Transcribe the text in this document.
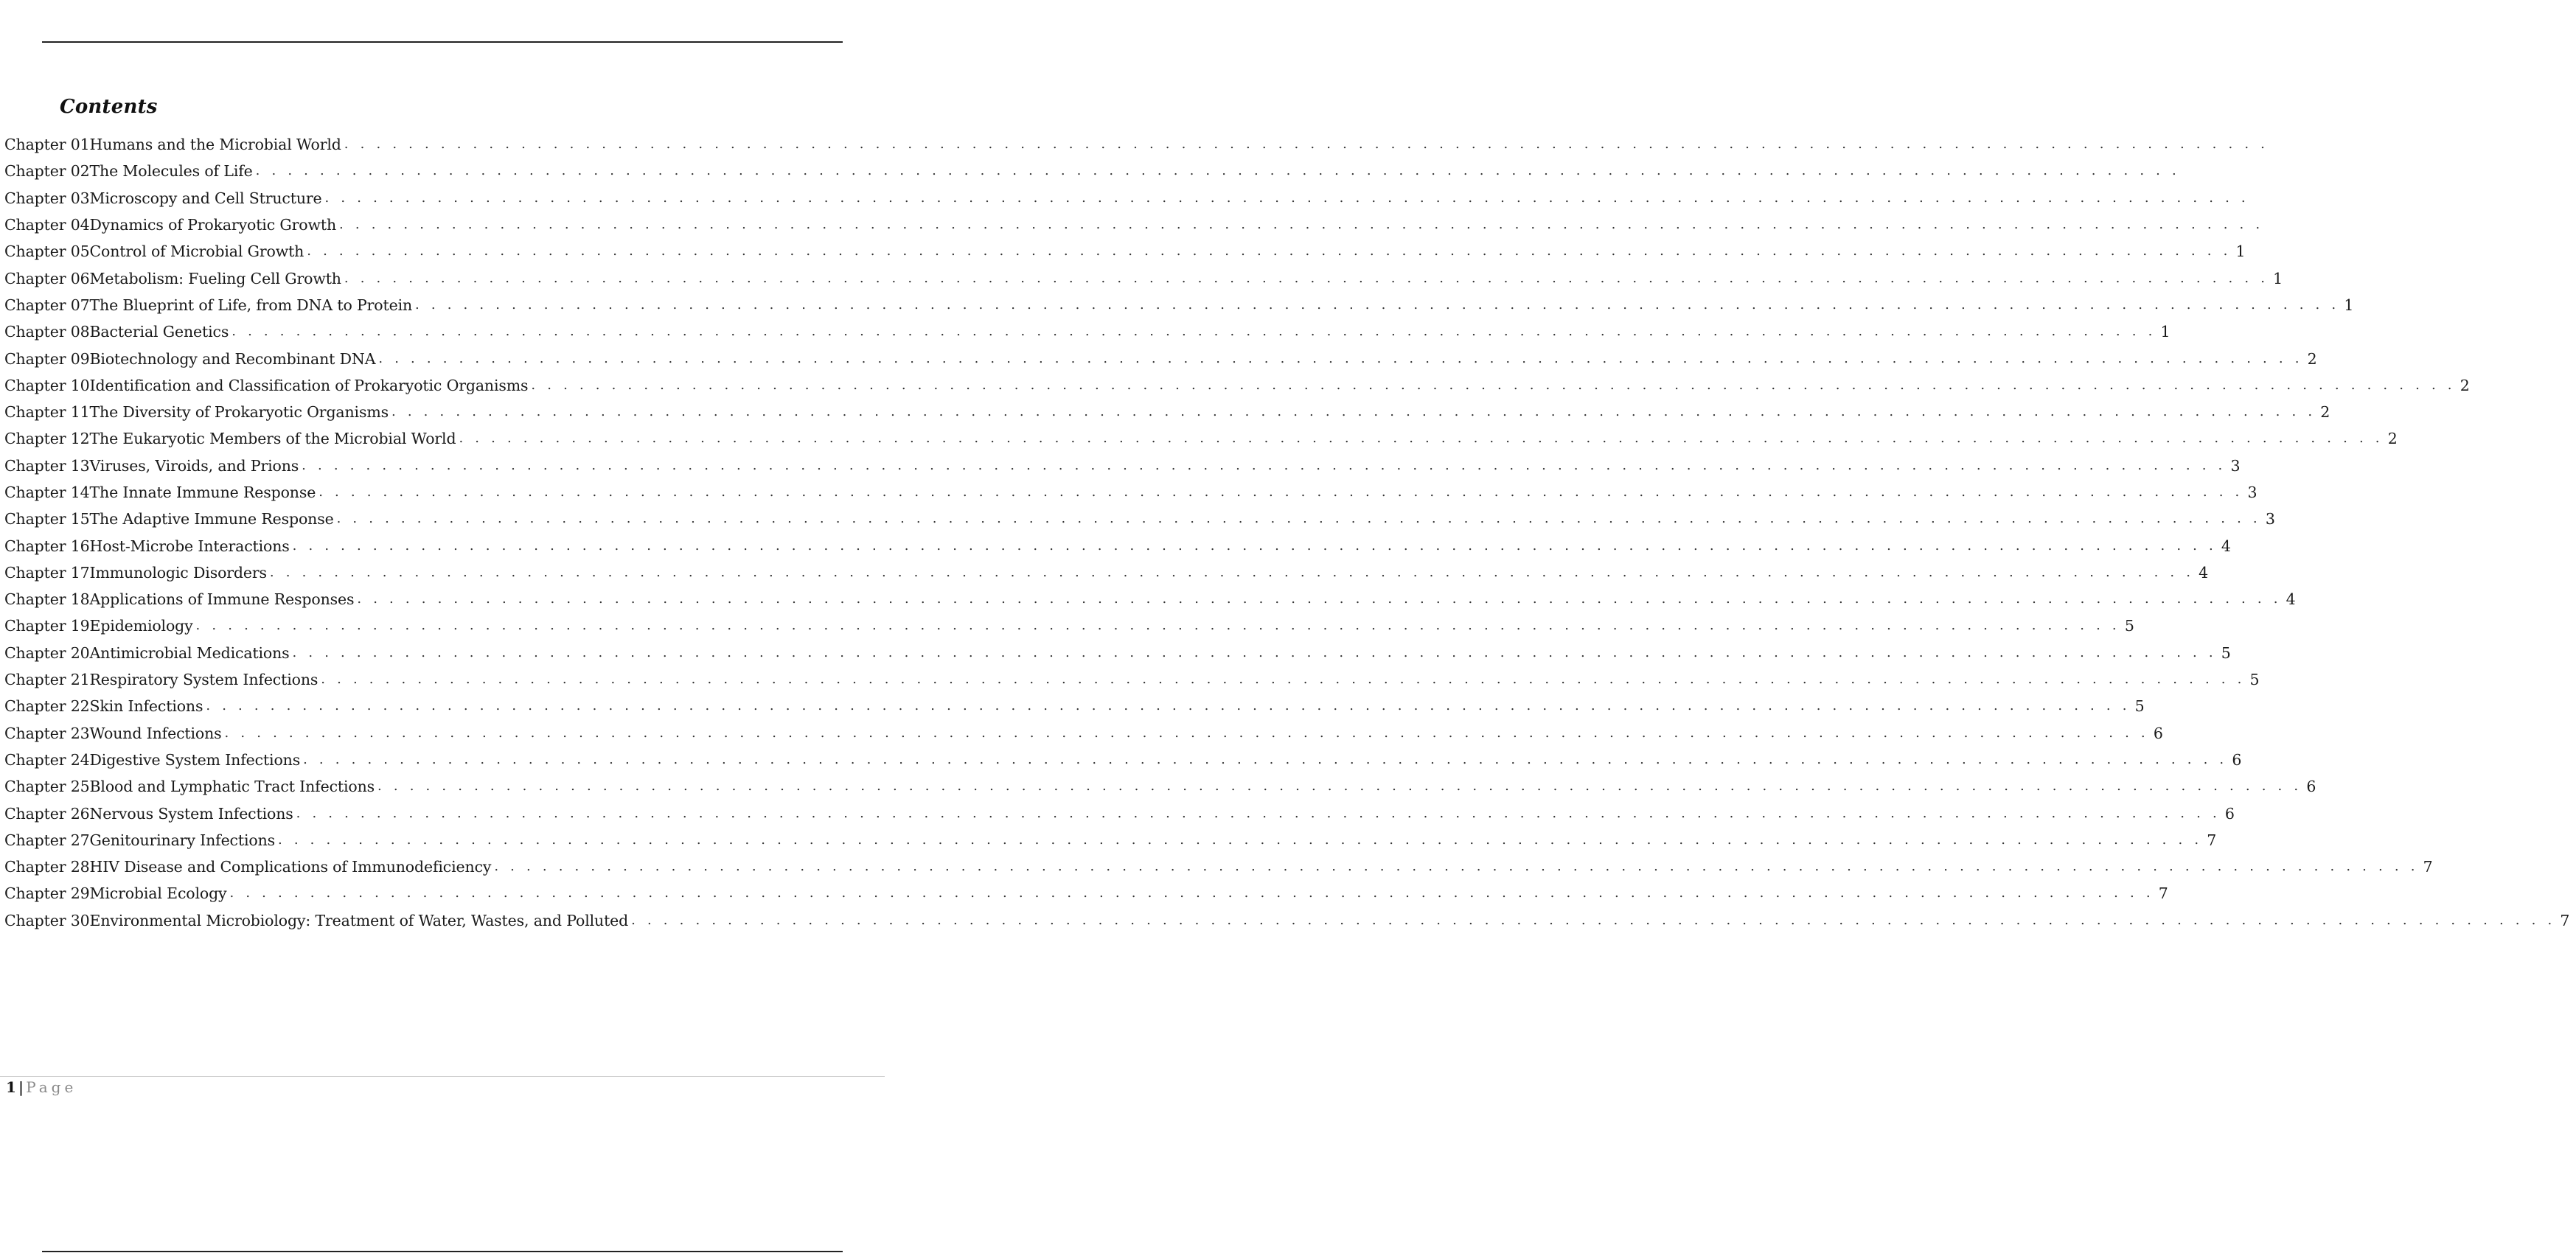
Contents
Chapter 01Humans and the Microbial World . . . . . . . . . . . . . . . . . . . . . . . . . . . . . . . . . . . . . . . . . . . . . . . . . . . . . . . . . . . . . . . . . . . . . . . . . . . . . . . . . . . . . . . . . . . . . . . . . . . . . . . . . . . . . . . . . . . . . . . .
Chapter 02The Molecules of Life . . . . . . . . . . . . . . . . . . . . . . . . . . . . . . . . . . . . . . . . . . . . . . . . . . . . . . . . . . . . . . . . . . . . . . . . . . . . . . . . . . . . . . . . . . . . . . . . . . . . . . . . . . . . . . . . . . . . . . . .
Chapter 03Microscopy and Cell Structure . . . . . . . . . . . . . . . . . . . . . . . . . . . . . . . . . . . . . . . . . . . . . . . . . . . . . . . . . . . . . . . . . . . . . . . . . . . . . . . . . . . . . . . . . . . . . . . . . . . . . . . . . . . . . . . . . . . . . . . .
Chapter 04Dynamics of Prokaryotic Growth . . . . . . . . . . . . . . . . . . . . . . . . . . . . . . . . . . . . . . . . . . . . . . . . . . . . . . . . . . . . . . . . . . . . . . . . . . . . . . . . . . . . . . . . . . . . . . . . . . . . . . . . . . . . . . . . . . . . . . . .
Chapter 05Control of Microbial Growth . . . . . . . . . . . . . . . . . . . . . . . . . . . . . . . . . . . . . . . . . . . . . . . . . . . . . . . . . . . . . . . . . . . . . . . . . . . . . . . . . . . . . . . . . . . . . . . . . . . . . . . . . . . . . . . . . . . . . . . . 1
Chapter 06Metabolism: Fueling Cell Growth . . . . . . . . . . . . . . . . . . . . . . . . . . . . . . . . . . . . . . . . . . . . . . . . . . . . . . . . . . . . . . . . . . . . . . . . . . . . . . . . . . . . . . . . . . . . . . . . . . . . . . . . . . . . . . . . . . . . . . . . 1
Chapter 07The Blueprint of Life, from DNA to Protein . . . . . . . . . . . . . . . . . . . . . . . . . . . . . . . . . . . . . . . . . . . . . . . . . . . . . . . . . . . . . . . . . . . . . . . . . . . . . . . . . . . . . . . . . . . . . . . . . . . . . . . . . . . . . . . . . . . . . . . . 1
Chapter 08Bacterial Genetics . . . . . . . . . . . . . . . . . . . . . . . . . . . . . . . . . . . . . . . . . . . . . . . . . . . . . . . . . . . . . . . . . . . . . . . . . . . . . . . . . . . . . . . . . . . . . . . . . . . . . . . . . . . . . . . . . . . . . . . . 1
Chapter 09Biotechnology and Recombinant DNA . . . . . . . . . . . . . . . . . . . . . . . . . . . . . . . . . . . . . . . . . . . . . . . . . . . . . . . . . . . . . . . . . . . . . . . . . . . . . . . . . . . . . . . . . . . . . . . . . . . . . . . . . . . . . . . . . . . . . . . . 2
Chapter 10Identification and Classification of Prokaryotic Organisms . . . . . . . . . . . . . . . . . . . . . . . . . . . . . . . . . . . . . . . . . . . . . . . . . . . . . . . . . . . . . . . . . . . . . . . . . . . . . . . . . . . . . . . . . . . . . . . . . . . . . . . . . . . . . . . . . . . . . . . . 2
Chapter 11The Diversity of Prokaryotic Organisms . . . . . . . . . . . . . . . . . . . . . . . . . . . . . . . . . . . . . . . . . . . . . . . . . . . . . . . . . . . . . . . . . . . . . . . . . . . . . . . . . . . . . . . . . . . . . . . . . . . . . . . . . . . . . . . . . . . . . . . . 2
Chapter 12The Eukaryotic Members of the Microbial World . . . . . . . . . . . . . . . . . . . . . . . . . . . . . . . . . . . . . . . . . . . . . . . . . . . . . . . . . . . . . . . . . . . . . . . . . . . . . . . . . . . . . . . . . . . . . . . . . . . . . . . . . . . . . . . . . . . . . . . . 2
Chapter 13Viruses, Viroids, and Prions . . . . . . . . . . . . . . . . . . . . . . . . . . . . . . . . . . . . . . . . . . . . . . . . . . . . . . . . . . . . . . . . . . . . . . . . . . . . . . . . . . . . . . . . . . . . . . . . . . . . . . . . . . . . . . . . . . . . . . . . 3
Chapter 14The Innate Immune Response . . . . . . . . . . . . . . . . . . . . . . . . . . . . . . . . . . . . . . . . . . . . . . . . . . . . . . . . . . . . . . . . . . . . . . . . . . . . . . . . . . . . . . . . . . . . . . . . . . . . . . . . . . . . . . . . . . . . . . . . 3
Chapter 15The Adaptive Immune Response . . . . . . . . . . . . . . . . . . . . . . . . . . . . . . . . . . . . . . . . . . . . . . . . . . . . . . . . . . . . . . . . . . . . . . . . . . . . . . . . . . . . . . . . . . . . . . . . . . . . . . . . . . . . . . . . . . . . . . . . 3
Chapter 16Host-Microbe Interactions . . . . . . . . . . . . . . . . . . . . . . . . . . . . . . . . . . . . . . . . . . . . . . . . . . . . . . . . . . . . . . . . . . . . . . . . . . . . . . . . . . . . . . . . . . . . . . . . . . . . . . . . . . . . . . . . . . . . . . . . 4
Chapter 17Immunologic Disorders . . . . . . . . . . . . . . . . . . . . . . . . . . . . . . . . . . . . . . . . . . . . . . . . . . . . . . . . . . . . . . . . . . . . . . . . . . . . . . . . . . . . . . . . . . . . . . . . . . . . . . . . . . . . . . . . . . . . . . . . 4
Chapter 18Applications of Immune Responses . . . . . . . . . . . . . . . . . . . . . . . . . . . . . . . . . . . . . . . . . . . . . . . . . . . . . . . . . . . . . . . . . . . . . . . . . . . . . . . . . . . . . . . . . . . . . . . . . . . . . . . . . . . . . . . . . . . . . . . . 4
Chapter 19Epidemiology . . . . . . . . . . . . . . . . . . . . . . . . . . . . . . . . . . . . . . . . . . . . . . . . . . . . . . . . . . . . . . . . . . . . . . . . . . . . . . . . . . . . . . . . . . . . . . . . . . . . . . . . . . . . . . . . . . . . . . . . 5
Chapter 20Antimicrobial Medications . . . . . . . . . . . . . . . . . . . . . . . . . . . . . . . . . . . . . . . . . . . . . . . . . . . . . . . . . . . . . . . . . . . . . . . . . . . . . . . . . . . . . . . . . . . . . . . . . . . . . . . . . . . . . . . . . . . . . . . . 5
Chapter 21Respiratory System Infections . . . . . . . . . . . . . . . . . . . . . . . . . . . . . . . . . . . . . . . . . . . . . . . . . . . . . . . . . . . . . . . . . . . . . . . . . . . . . . . . . . . . . . . . . . . . . . . . . . . . . . . . . . . . . . . . . . . . . . . . 5
Chapter 22Skin Infections . . . . . . . . . . . . . . . . . . . . . . . . . . . . . . . . . . . . . . . . . . . . . . . . . . . . . . . . . . . . . . . . . . . . . . . . . . . . . . . . . . . . . . . . . . . . . . . . . . . . . . . . . . . . . . . . . . . . . . . . 5
Chapter 23Wound Infections . . . . . . . . . . . . . . . . . . . . . . . . . . . . . . . . . . . . . . . . . . . . . . . . . . . . . . . . . . . . . . . . . . . . . . . . . . . . . . . . . . . . . . . . . . . . . . . . . . . . . . . . . . . . . . . . . . . . . . . . 6
Chapter 24Digestive System Infections . . . . . . . . . . . . . . . . . . . . . . . . . . . . . . . . . . . . . . . . . . . . . . . . . . . . . . . . . . . . . . . . . . . . . . . . . . . . . . . . . . . . . . . . . . . . . . . . . . . . . . . . . . . . . . . . . . . . . . . . 6
Chapter 25Blood and Lymphatic Tract Infections . . . . . . . . . . . . . . . . . . . . . . . . . . . . . . . . . . . . . . . . . . . . . . . . . . . . . . . . . . . . . . . . . . . . . . . . . . . . . . . . . . . . . . . . . . . . . . . . . . . . . . . . . . . . . . . . . . . . . . . . 6
Chapter 26Nervous System Infections . . . . . . . . . . . . . . . . . . . . . . . . . . . . . . . . . . . . . . . . . . . . . . . . . . . . . . . . . . . . . . . . . . . . . . . . . . . . . . . . . . . . . . . . . . . . . . . . . . . . . . . . . . . . . . . . . . . . . . . . 6
Chapter 27Genitourinary Infections . . . . . . . . . . . . . . . . . . . . . . . . . . . . . . . . . . . . . . . . . . . . . . . . . . . . . . . . . . . . . . . . . . . . . . . . . . . . . . . . . . . . . . . . . . . . . . . . . . . . . . . . . . . . . . . . . . . . . . . . 7
Chapter 28HIV Disease and Complications of Immunodeficiency . . . . . . . . . . . . . . . . . . . . . . . . . . . . . . . . . . . . . . . . . . . . . . . . . . . . . . . . . . . . . . . . . . . . . . . . . . . . . . . . . . . . . . . . . . . . . . . . . . . . . . . . . . . . . . . . . . . . . . . . 7
Chapter 29Microbial Ecology . . . . . . . . . . . . . . . . . . . . . . . . . . . . . . . . . . . . . . . . . . . . . . . . . . . . . . . . . . . . . . . . . . . . . . . . . . . . . . . . . . . . . . . . . . . . . . . . . . . . . . . . . . . . . . . . . . . . . . . . 7
Chapter 30Environmental Microbiology: Treatment of Water, Wastes, and Polluted . . . . . . . . . . . . . . . . . . . . . . . . . . . . . . . . . . . . . . . . . . . . . . . . . . . . . . . . . . . . . . . . . . . . . . . . . . . . . . . . . . . . . . . . . . . . . . . . . . . . . . . . . . . . . . . . . . . . . . . . 7
1 | Page
